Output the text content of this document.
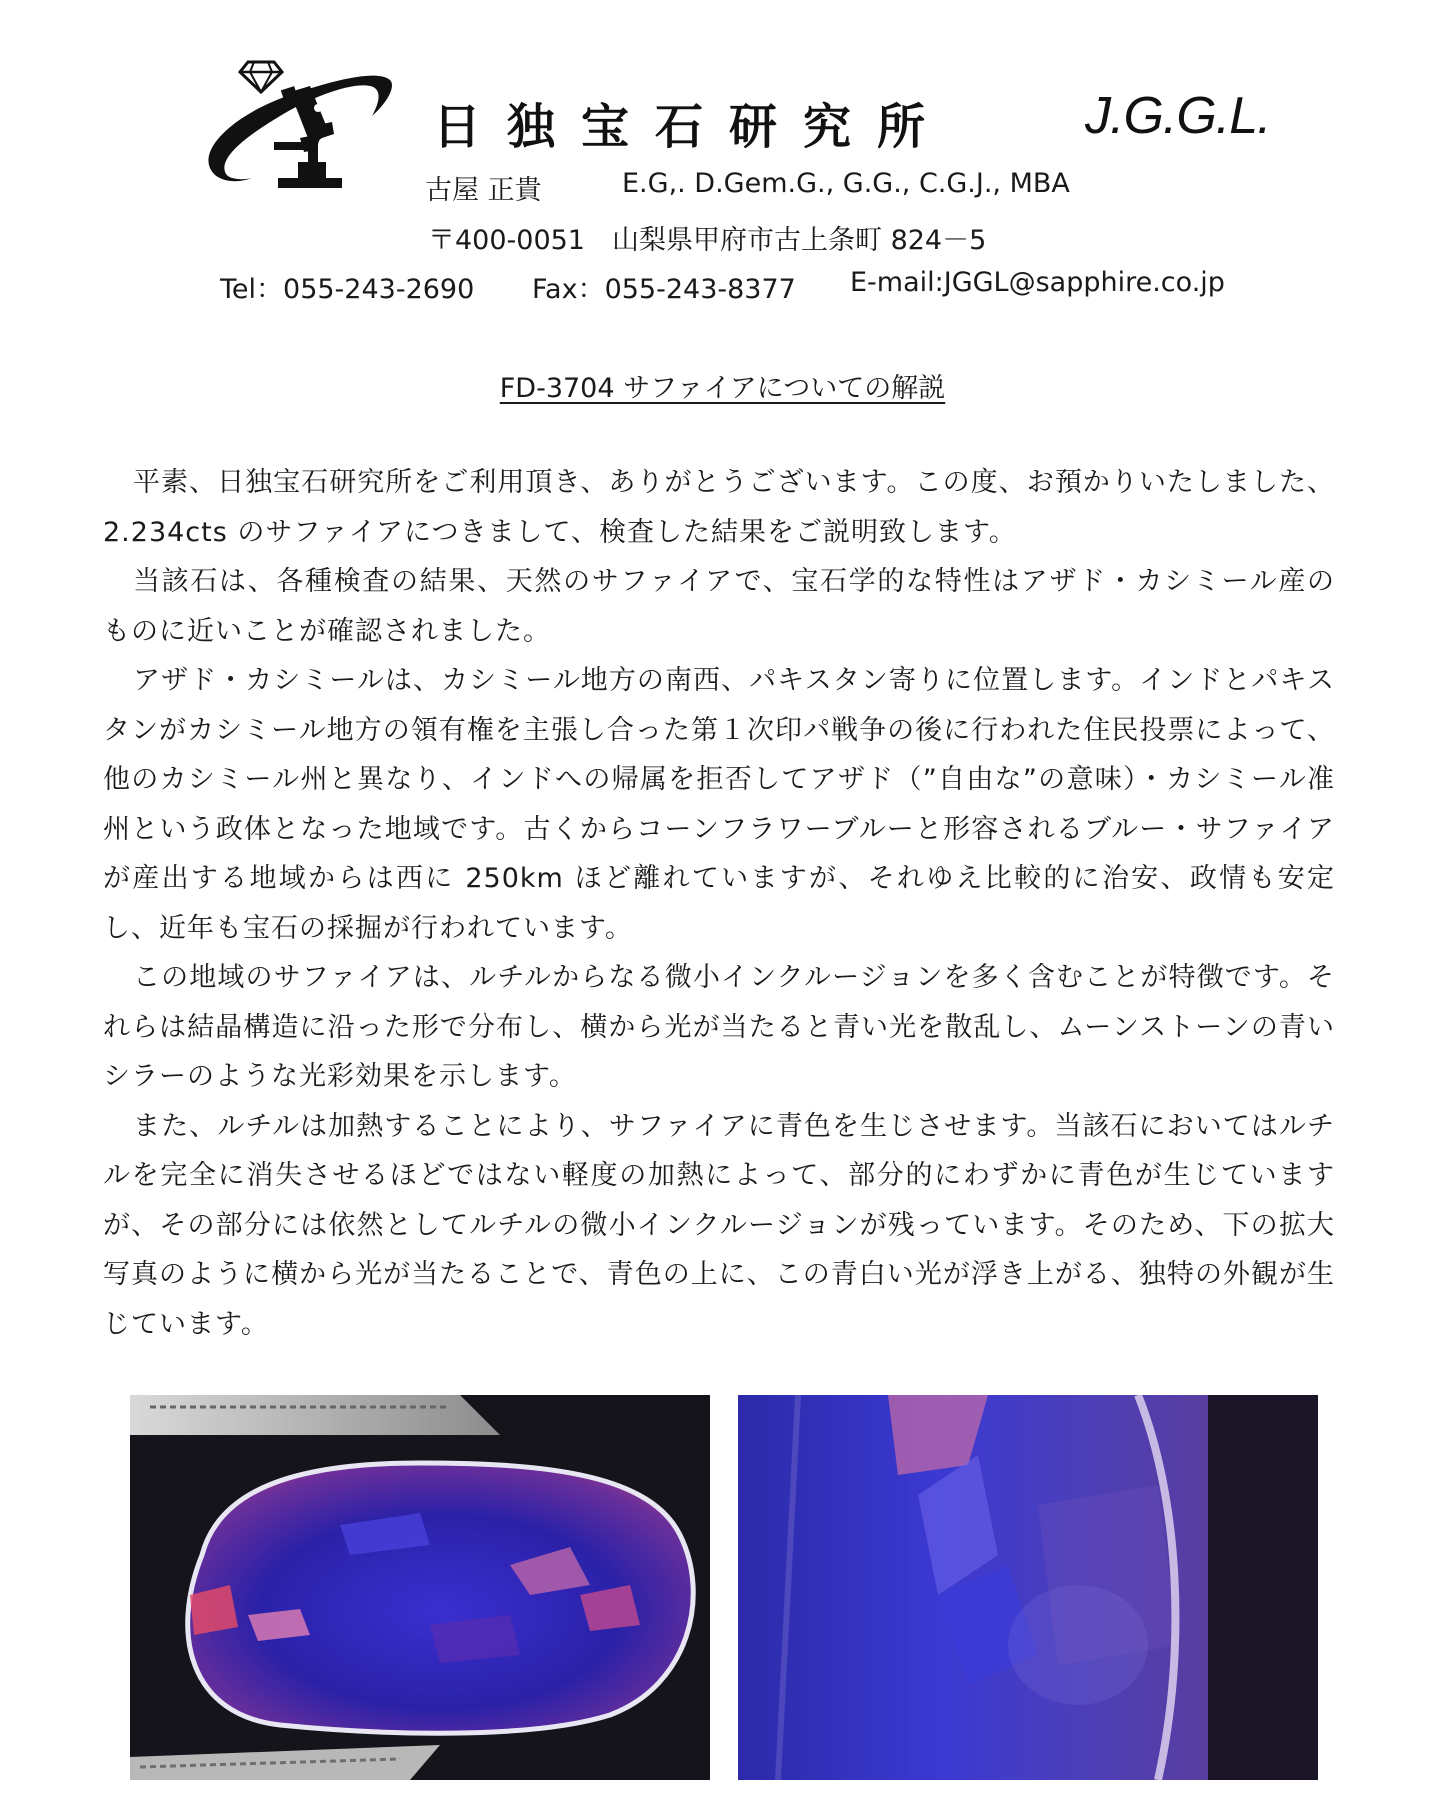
日独宝石研究所	J.G.G.L.
古屋 正貴	E.G,. D.Gem.G., G.G., C.G.J., MBA
〒400-0051　山梨県甲府市古上条町 824－5
Tel：055-243-2690 Fax：055-243-8377 E-mail:JGGL@sapphire.co.jp
FD-3704 サファイアについての解説

平素、日独宝石研究所をご利用頂き、ありがとうございます。この度、お預かりいたしました、2.234cts のサファイアにつきまして、検査した結果をご説明致します。

当該石は、各種検査の結果、天然のサファイアで、宝石学的な特性はアザド・カシミール産のものに近いことが確認されました。

アザド・カシミールは、カシミール地方の南西、パキスタン寄りに位置します。インドとパキスタンがカシミール地方の領有権を主張し合った第１次印パ戦争の後に行われた住民投票によって、他のカシミール州と異なり、インドへの帰属を拒否してアザド（”自由な”の意味）・カシミール准州という政体となった地域です。古くからコーンフラワーブルーと形容されるブルー・サファイアが産出する地域からは西に 250km ほど離れていますが、それゆえ比較的に治安、政情も安定し、近年も宝石の採掘が行われています。

この地域のサファイアは、ルチルからなる微小インクルージョンを多く含むことが特徴です。それらは結晶構造に沿った形で分布し、横から光が当たると青い光を散乱し、ムーンストーンの青いシラーのような光彩効果を示します。

また、ルチルは加熱することにより、サファイアに青色を生じさせます。当該石においてはルチルを完全に消失させるほどではない軽度の加熱によって、部分的にわずかに青色が生じていますが、その部分には依然としてルチルの微小インクルージョンが残っています。そのため、下の拡大写真のように横から光が当たることで、青色の上に、この青白い光が浮き上がる、独特の外観が生じています。
